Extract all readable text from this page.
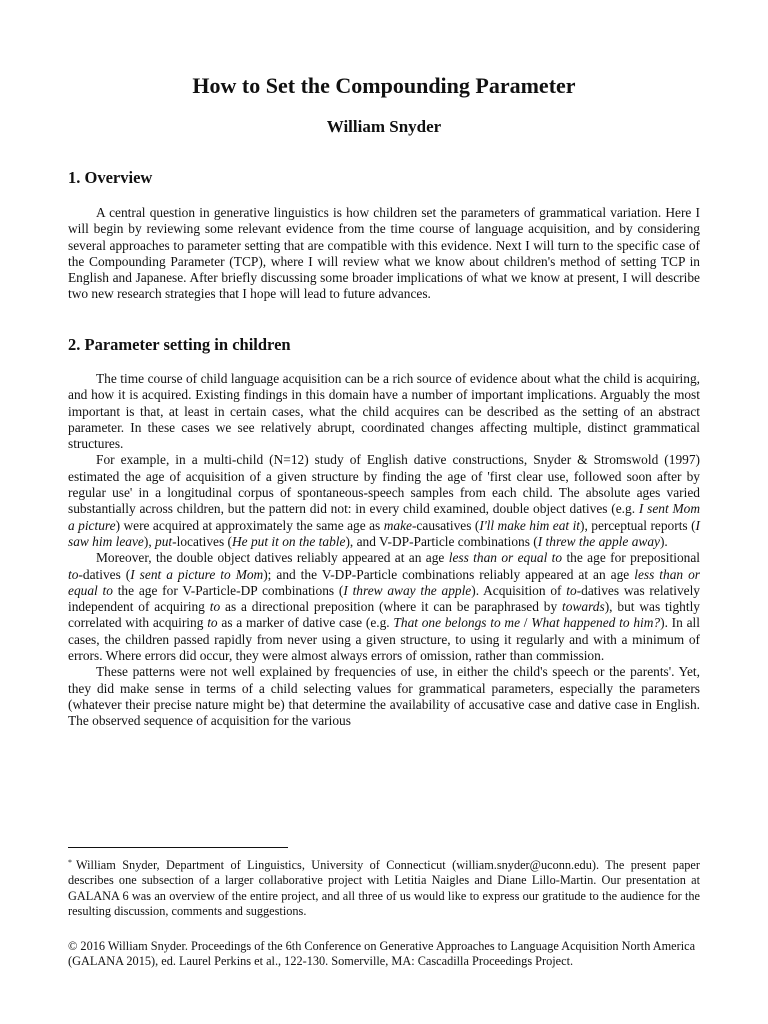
How to Set the Compounding Parameter
William Snyder
1. Overview

A central question in generative linguistics is how children set the parameters of grammatical variation. Here I will begin by reviewing some relevant evidence from the time course of language acquisition, and by considering several approaches to parameter setting that are compatible with this evidence. Next I will turn to the specific case of the Compounding Parameter (TCP), where I will review what we know about children's method of setting TCP in English and Japanese. After briefly discussing some broader implications of what we know at present, I will describe two new research strategies that I hope will lead to future advances.

2. Parameter setting in children

The time course of child language acquisition can be a rich source of evidence about what the child is acquiring, and how it is acquired. Existing findings in this domain have a number of important implications. Arguably the most important is that, at least in certain cases, what the child acquires can be described as the setting of an abstract parameter. In these cases we see relatively abrupt, coordinated changes affecting multiple, distinct grammatical structures.

For example, in a multi-child (N=12) study of English dative constructions, Snyder & Stromswold (1997) estimated the age of acquisition of a given structure by finding the age of 'first clear use, followed soon after by regular use' in a longitudinal corpus of spontaneous-speech samples from each child. The absolute ages varied substantially across children, but the pattern did not: in every child examined, double object datives (e.g. I sent Mom a picture) were acquired at approximately the same age as make-causatives (I'll make him eat it), perceptual reports (I saw him leave), put-locatives (He put it on the table), and V-DP-Particle combinations (I threw the apple away).

Moreover, the double object datives reliably appeared at an age less than or equal to the age for prepositional to-datives (I sent a picture to Mom); and the V-DP-Particle combinations reliably appeared at an age less than or equal to the age for V-Particle-DP combinations (I threw away the apple). Acquisition of to-datives was relatively independent of acquiring to as a directional preposition (where it can be paraphrased by towards), but was tightly correlated with acquiring to as a marker of dative case (e.g. That one belongs to me / What happened to him?). In all cases, the children passed rapidly from never using a given structure, to using it regularly and with a minimum of errors. Where errors did occur, they were almost always errors of omission, rather than commission.

These patterns were not well explained by frequencies of use, in either the child's speech or the parents'. Yet, they did make sense in terms of a child selecting values for grammatical parameters, especially the parameters (whatever their precise nature might be) that determine the availability of accusative case and dative case in English. The observed sequence of acquisition for the various

* William Snyder, Department of Linguistics, University of Connecticut (william.snyder@uconn.edu). The present paper describes one subsection of a larger collaborative project with Letitia Naigles and Diane Lillo-Martin. Our presentation at GALANA 6 was an overview of the entire project, and all three of us would like to express our gratitude to the audience for the resulting discussion, comments and suggestions.
© 2016 William Snyder. Proceedings of the 6th Conference on Generative Approaches to Language Acquisition North America (GALANA 2015), ed. Laurel Perkins et al., 122-130. Somerville, MA: Cascadilla Proceedings Project.
